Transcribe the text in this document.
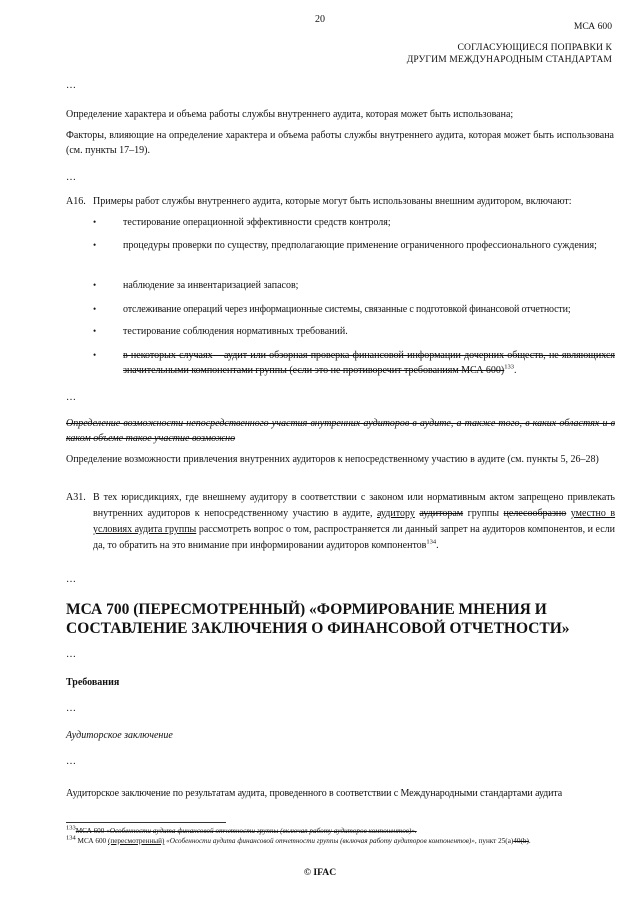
20
МСА 600
СОГЛАСУЮЩИЕСЯ ПОПРАВКИ К
ДРУГИМ МЕЖДУНАРОДНЫМ СТАНДАРТАМ
…
Определение характера и объема работы службы внутреннего аудита, которая может быть использована;
Факторы, влияющие на определение характера и объема работы службы внутреннего аудита, которая может быть использована (см. пункты 17–19).
…
А16. Примеры работ службы внутреннего аудита, которые могут быть использованы внешним аудитором, включают:
•	тестирование операционной эффективности средств контроля;
•	процедуры проверки по существу, предполагающие применение ограниченного профессионального суждения;
•	наблюдение за инвентаризацией запасов;
•	отслеживание операций через информационные системы, связанные с подготовкой финансовой отчетности;
•	тестирование соблюдения нормативных требований.
•	в некоторых случаях – аудит или обзорная проверка финансовой информации дочерних обществ, не являющихся значительными компонентами группы (если это не противоречит требованиям МСА 600)$^{133}$.
…
Определение возможности непосредственного участия внутренних аудиторов в аудите, а также того, в каких областях и в каком объеме такое участие возможно
Определение возможности привлечения внутренних аудиторов к непосредственному участию в аудите (см. пункты 5, 26–28)
А31. В тех юрисдикциях, где внешнему аудитору в соответствии с законом или нормативным актом запрещено привлекать внутренних аудиторов к непосредственному участию в аудите, аудитору аудиторам группы целесообразно уместно в условиях аудита группы рассмотреть вопрос о том, распространяется ли данный запрет на аудиторов компонентов, и если да, то обратить на это внимание при информировании аудиторов компонентов$^{134}$.
…
МСА 700 (ПЕРЕСМОТРЕННЫЙ) «ФОРМИРОВАНИЕ МНЕНИЯ И СОСТАВЛЕНИЕ ЗАКЛЮЧЕНИЯ О ФИНАНСОВОЙ ОТЧЕТНОСТИ»
…
Требования
…
Аудиторское заключение
…
Аудиторское заключение по результатам аудита, проведенного в соответствии с Международными стандартами аудита
$^{133}$МСА 600 «Особенности аудита финансовой отчетности группы (включая работу аудиторов компонентов)».
$^{134}$ МСА 600 (пересмотренный) «Особенности аудита финансовой отчетности группы (включая работу аудиторов компонентов)», пункт 25(a)40(b).
© IFAC
